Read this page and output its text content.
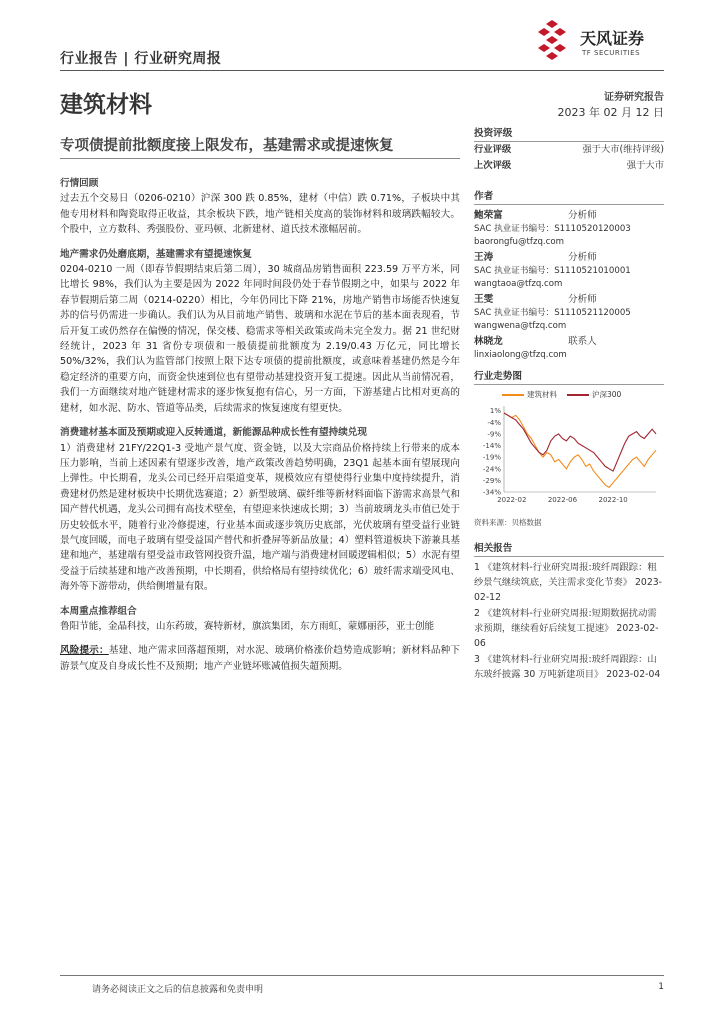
行业报告 | 行业研究周报
天风证券
TF SECURITIES
建筑材料	证券研究报告
2023 年 02 月 12 日
专项债提前批额度接上限发布，基建需求或提速恢复
行情回顾

过去五个交易日（0206-0210）沪深 300 跌 0.85%，建材（中信）跌 0.71%，子板块中其他专用材料和陶瓷取得正收益，其余板块下跌，地产链相关度高的装饰材料和玻璃跌幅较大。个股中，立方数科、秀强股份、亚玛顿、北新建材、道氏技术涨幅居前。

地产需求仍处磨底期，基建需求有望提速恢复

0204-0210 一周（即春节假期结束后第二周），30 城商品房销售面积 223.59 万平方米，同比增长 98%，我们认为主要是因为 2022 年同时间段仍处于春节假期之中，如果与 2022 年春节假期后第二周（0214-0220）相比，今年仍同比下降 21%，房地产销售市场能否快速复苏的信号仍需进一步确认。我们认为从目前地产销售、玻璃和水泥在节后的基本面表现看，节后开复工或仍然存在偏慢的情况，保交楼、稳需求等相关政策或尚未完全发力。据 21 世纪财经统计，2023 年 31 省份专项债和一般债提前批额度为 2.19/0.43 万亿元，同比增长 50%/32%，我们认为监管部门按照上限下达专项债的提前批额度，或意味着基建仍然是今年稳定经济的重要方向，而资金快速到位也有望带动基建投资开复工提速。因此从当前情况看，我们一方面继续对地产链建材需求的逐步恢复抱有信心，另一方面，下游基建占比相对更高的建材，如水泥、防水、管道等品类，后续需求的恢复速度有望更快。

消费建材基本面及预期或迎入反转通道，新能源品种成长性有望持续兑现

1）消费建材 21FY/22Q1-3 受地产景气度、资金链，以及大宗商品价格持续上行带来的成本压力影响，当前上述因素有望逐步改善，地产政策改善趋势明确，23Q1 起基本面有望展现向上弹性。中长期看，龙头公司已经开启渠道变革，规模效应有望使得行业集中度持续提升，消费建材仍然是建材板块中长期优选赛道；2）新型玻璃、碳纤维等新材料面临下游需求高景气和国产替代机遇，龙头公司拥有高技术壁垒，有望迎来快速成长期；3）当前玻璃龙头市值已处于历史较低水平，随着行业冷修提速，行业基本面或逐步筑历史底部，光伏玻璃有望受益行业链景气度回暖，而电子玻璃有望受益国产替代和折叠屏等新品放量；4）塑料管道板块下游兼具基建和地产，基建端有望受益市政管网投资升温，地产端与消费建材回暖逻辑相似；5）水泥有望受益于后续基建和地产改善预期，中长期看，供给格局有望持续优化；6）玻纤需求端受风电、海外等下游带动，供给侧增量有限。

本周重点推荐组合

鲁阳节能，金晶科技，山东药玻，赛特新材，旗滨集团，东方雨虹，蒙娜丽莎，亚士创能

风险提示：基建、地产需求回落超预期，对水泥、玻璃价格涨价趋势造成影响；新材料品种下游景气度及自身成长性不及预期；地产产业链坏账减值损失超预期。

投资评级
行业评级	强于大市(维持评级)
上次评级	强于大市
作者
鲍荣富	分析师
SAC 执业证书编号：S1110520120003
baorongfu@tfzq.com
王涛	分析师
SAC 执业证书编号：S1110521010001
wangtaoa@tfzq.com
王雯	分析师
SAC 执业证书编号：S1110521120005
wangwena@tfzq.com
林晓龙	联系人
linxiaolong@tfzq.com
行业走势图
建筑材料	沪深300
1%
-4%
-9%
-14%
-19%
-24%
-29%
-34%
2022-02	2022-06	2022-10
资料来源：贝格数据
相关报告
1 《建筑材料-行业研究周报:玻纤周跟踪：粗纱景气继续筑底，关注需求变化节奏》 2023-02-12
2 《建筑材料-行业研究周报:短期数据扰动需求预期，继续看好后续复工提速》 2023-02-06
3 《建筑材料-行业研究周报:玻纤周跟踪：山东玻纤披露 30 万吨新建项目》 2023-02-04
请务必阅读正文之后的信息披露和免责申明	1
